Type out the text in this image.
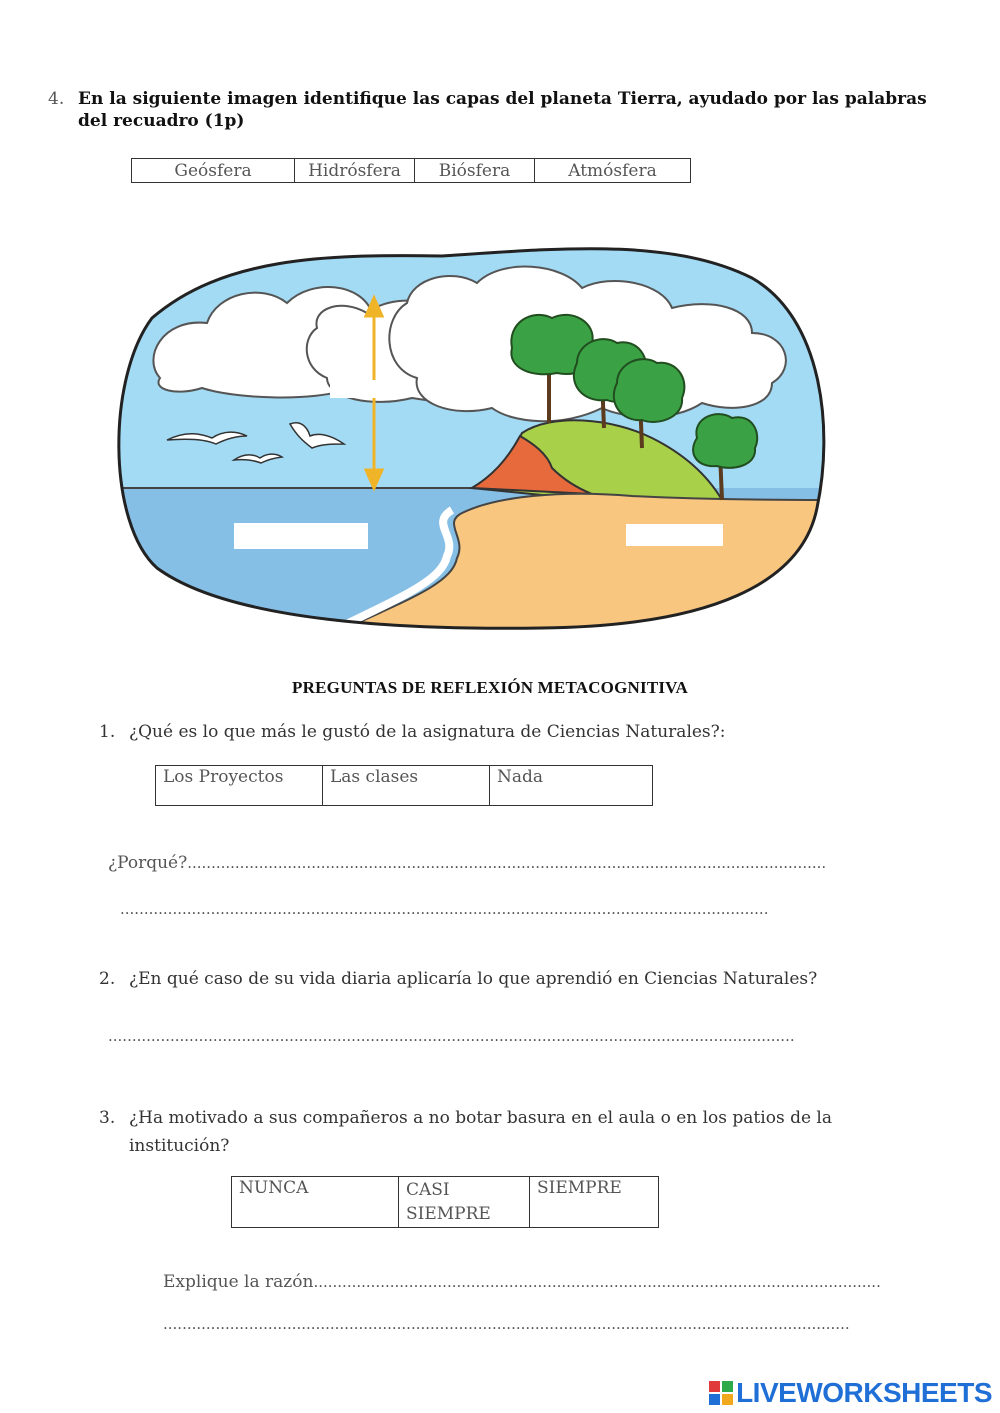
4. En la siguiente imagen identifique las capas del planeta Tierra, ayudado por las palabras del recuadro (1p)
Geósfera	Hidrósfera	Biósfera	Atmósfera
PREGUNTAS DE REFLEXIÓN METACOGNITIVA
1. ¿Qué es lo que más le gustó de la asignatura de Ciencias Naturales?:
Los Proyectos	Las clases	Nada
¿Porqué?......................................................................................................................................
........................................................................................................................................
2. ¿En qué caso de su vida diaria aplicaría lo que aprendió en Ciencias Naturales?
................................................................................................................................................
3. ¿Ha motivado a sus compañeros a no botar basura en el aula o en los patios de la
institución?
NUNCA	CASI SIEMPRE	SIEMPRE
Explique la razón.......................................................................................................................
................................................................................................................................................
LIVEWORKSHEETS
